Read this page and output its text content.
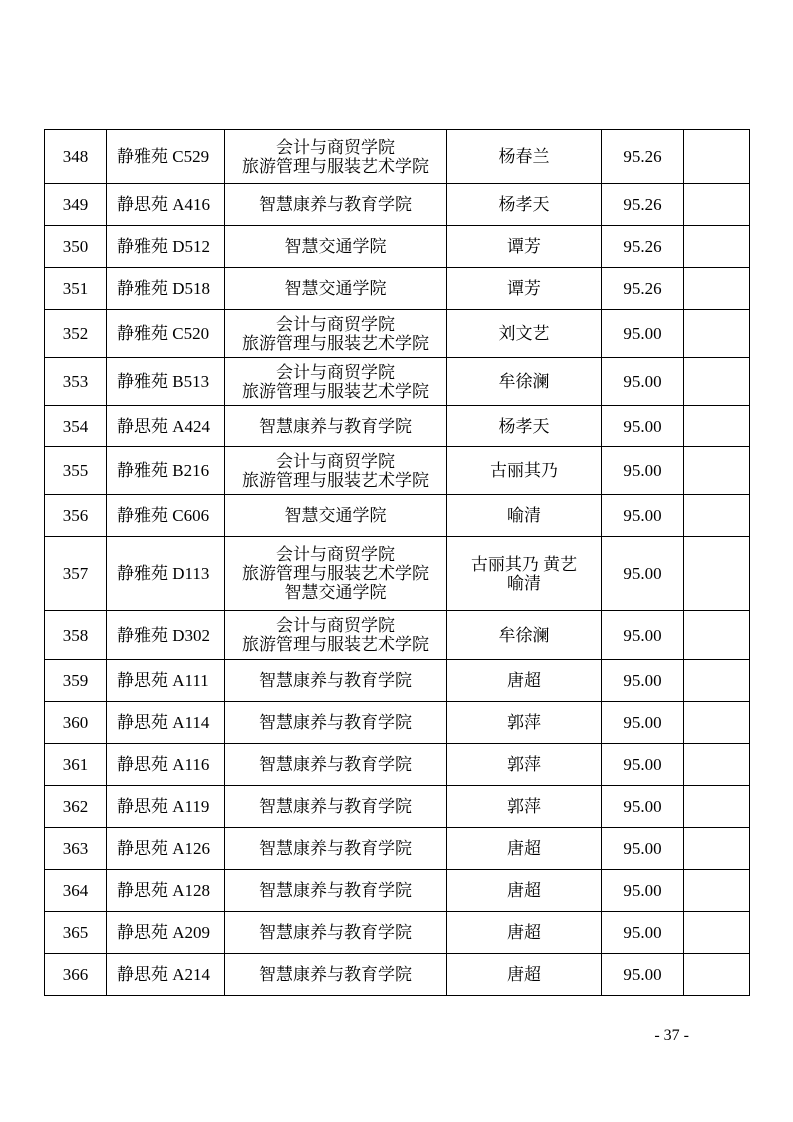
348	静雅苑 C529	会计与商贸学院
旅游管理与服装艺术学院	杨春兰	95.26	
349	静思苑 A416	智慧康养与教育学院	杨孝天	95.26	
350	静雅苑 D512	智慧交通学院	谭芳	95.26	
351	静雅苑 D518	智慧交通学院	谭芳	95.26	
352	静雅苑 C520	会计与商贸学院
旅游管理与服装艺术学院	刘文艺	95.00	
353	静雅苑 B513	会计与商贸学院
旅游管理与服装艺术学院	牟徐澜	95.00	
354	静思苑 A424	智慧康养与教育学院	杨孝天	95.00	
355	静雅苑 B216	会计与商贸学院
旅游管理与服装艺术学院	古丽其乃	95.00	
356	静雅苑 C606	智慧交通学院	喻清	95.00	
357	静雅苑 D113	会计与商贸学院
旅游管理与服装艺术学院
智慧交通学院	古丽其乃 黄艺
喻清	95.00	
358	静雅苑 D302	会计与商贸学院
旅游管理与服装艺术学院	牟徐澜	95.00	
359	静思苑 A111	智慧康养与教育学院	唐超	95.00	
360	静思苑 A114	智慧康养与教育学院	郭萍	95.00	
361	静思苑 A116	智慧康养与教育学院	郭萍	95.00	
362	静思苑 A119	智慧康养与教育学院	郭萍	95.00	
363	静思苑 A126	智慧康养与教育学院	唐超	95.00	
364	静思苑 A128	智慧康养与教育学院	唐超	95.00	
365	静思苑 A209	智慧康养与教育学院	唐超	95.00	
366	静思苑 A214	智慧康养与教育学院	唐超	95.00	
- 37 -
